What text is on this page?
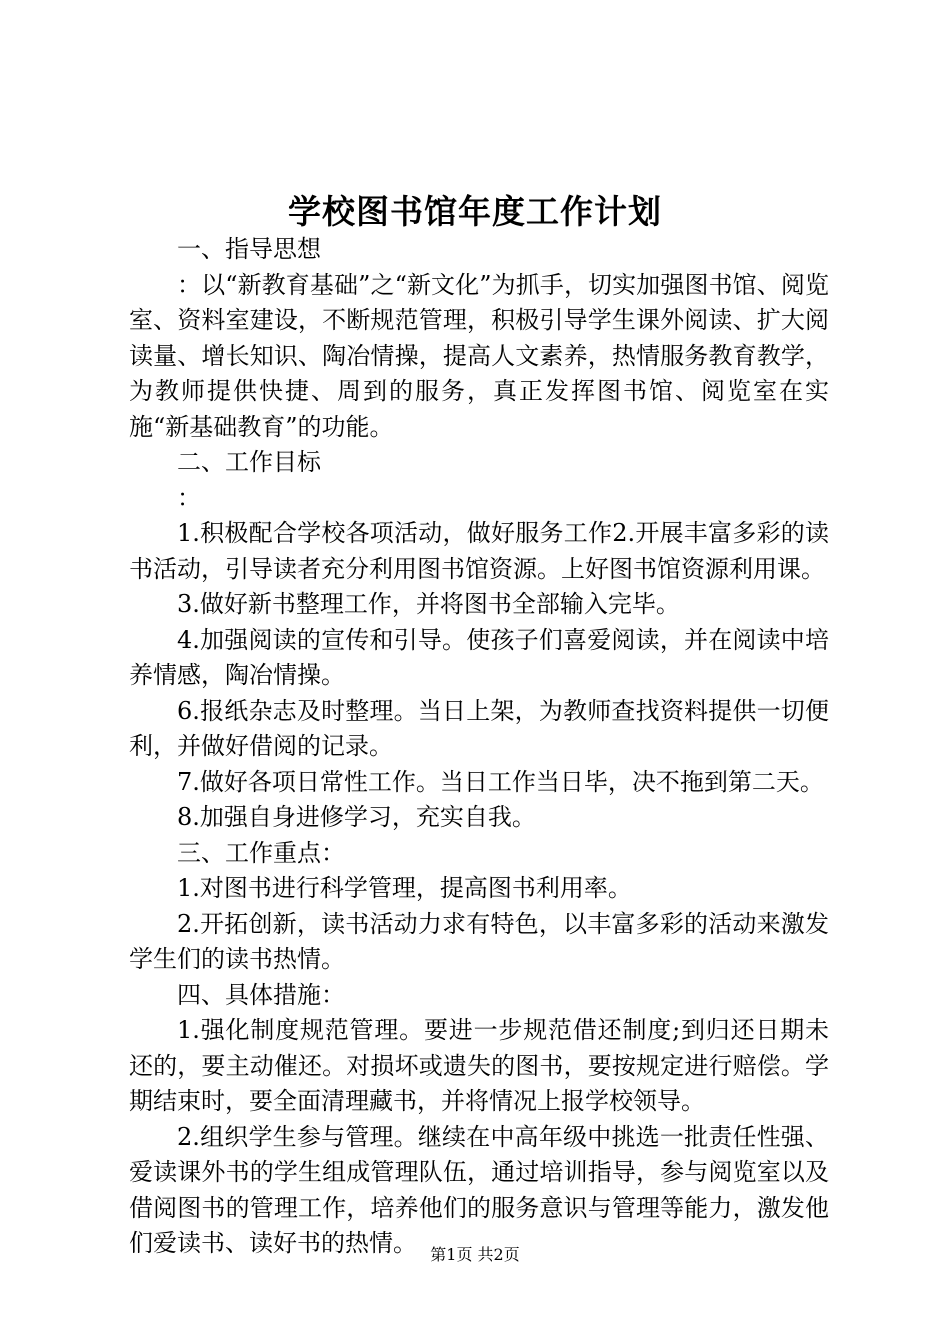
学校图书馆年度工作计划

一、指导思想

：以“新教育基础”之“新文化”为抓手，切实加强图书馆、阅览室、资料室建设，不断规范管理，积极引导学生课外阅读、扩大阅读量、增长知识、陶冶情操，提高人文素养，热情服务教育教学，为教师提供快捷、周到的服务，真正发挥图书馆、阅览室在实施“新基础教育”的功能。

二、工作目标

：

1.积极配合学校各项活动，做好服务工作2.开展丰富多彩的读书活动，引导读者充分利用图书馆资源。上好图书馆资源利用课。

3.做好新书整理工作，并将图书全部输入完毕。

4.加强阅读的宣传和引导。使孩子们喜爱阅读，并在阅读中培养情感，陶冶情操。

6.报纸杂志及时整理。当日上架，为教师查找资料提供一切便利，并做好借阅的记录。

7.做好各项日常性工作。当日工作当日毕，决不拖到第二天。

8.加强自身进修学习，充实自我。

三、工作重点：

1.对图书进行科学管理，提高图书利用率。

2.开拓创新，读书活动力求有特色，以丰富多彩的活动来激发学生们的读书热情。

四、具体措施：

1.强化制度规范管理。要进一步规范借还制度;到归还日期未还的，要主动催还。对损坏或遗失的图书，要按规定进行赔偿。学期结束时，要全面清理藏书，并将情况上报学校领导。

2.组织学生参与管理。继续在中高年级中挑选一批责任性强、爱读课外书的学生组成管理队伍，通过培训指导，参与阅览室以及借阅图书的管理工作，培养他们的服务意识与管理等能力，激发他们爱读书、读好书的热情。 第1页 共2页
